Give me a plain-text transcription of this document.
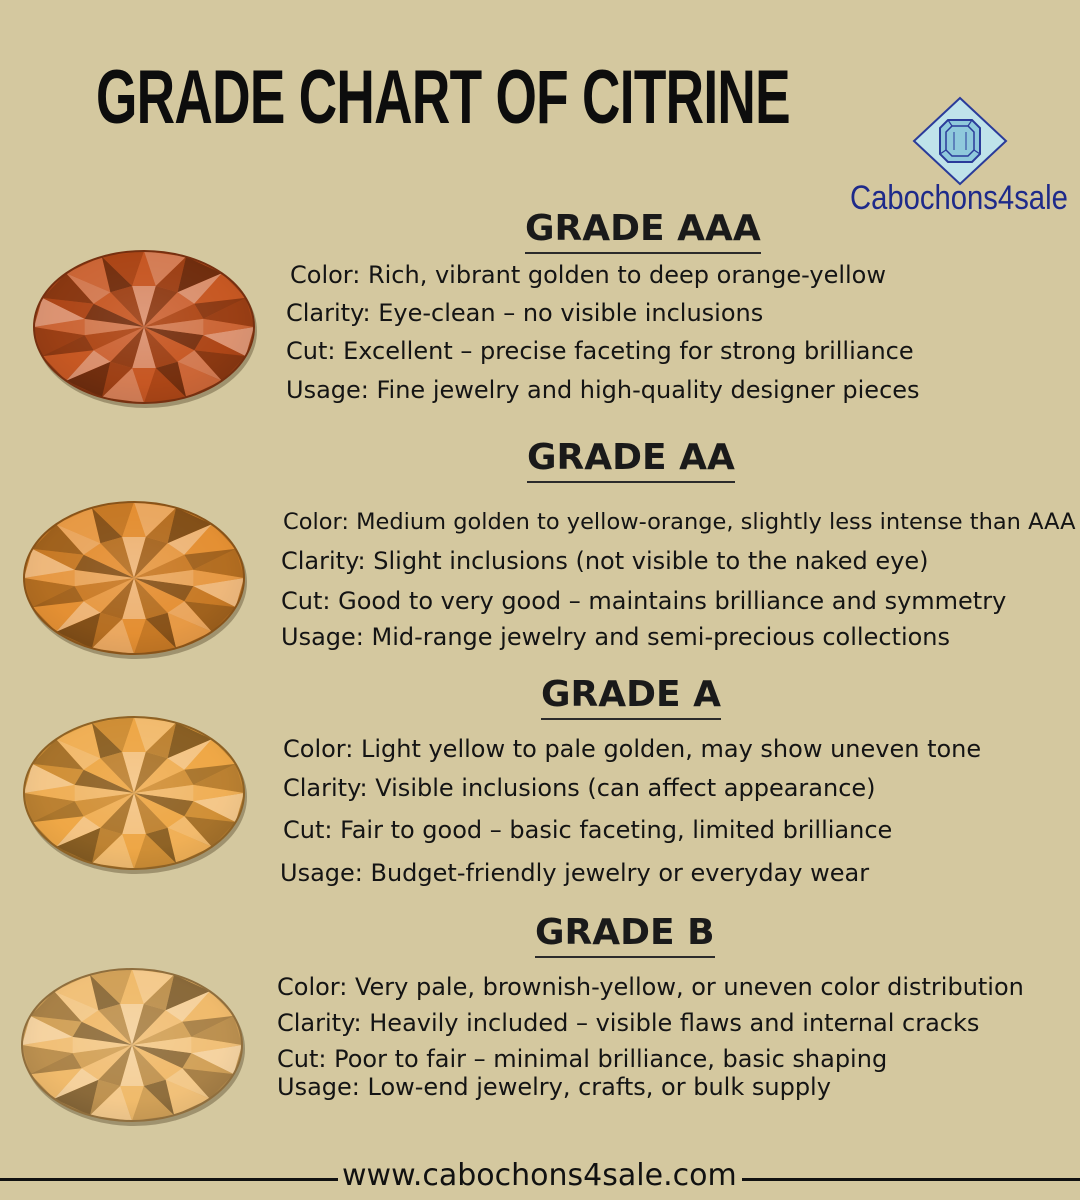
GRADE CHART OF CITRINE
Cabochons4sale
GRADE AAA
Color: Rich, vibrant golden to deep orange-yellow
Clarity: Eye-clean – no visible inclusions
Cut: Excellent – precise faceting for strong brilliance
Usage: Fine jewelry and high-quality designer pieces
GRADE AA
Color: Medium golden to yellow-orange, slightly less intense than AAA
Clarity: Slight inclusions (not visible to the naked eye)
Cut: Good to very good – maintains brilliance and symmetry
Usage: Mid-range jewelry and semi-precious collections
GRADE A
Color: Light yellow to pale golden, may show uneven tone
Clarity: Visible inclusions (can affect appearance)
Cut: Fair to good – basic faceting, limited brilliance
Usage: Budget-friendly jewelry or everyday wear
GRADE B
Color: Very pale, brownish-yellow, or uneven color distribution
Clarity: Heavily included – visible flaws and internal cracks
Cut: Poor to fair – minimal brilliance, basic shaping
Usage: Low-end jewelry, crafts, or bulk supply
www.cabochons4sale.com
